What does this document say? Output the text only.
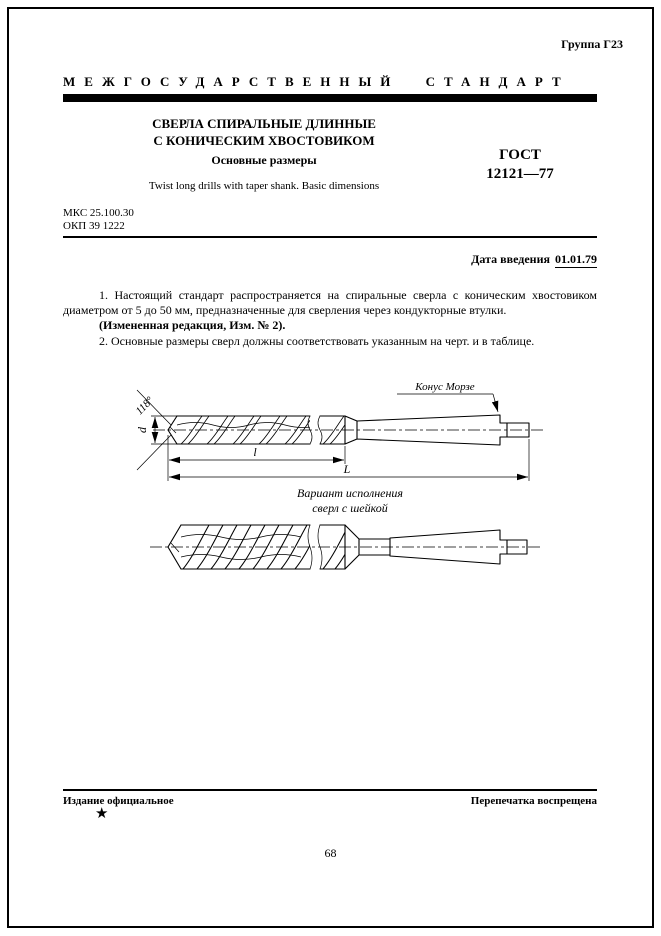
Группа Г23
МЕЖГОСУДАРСТВЕННЫЙ СТАНДАРТ
СВЕРЛА СПИРАЛЬНЫЕ ДЛИННЫЕ
С КОНИЧЕСКИМ ХВОСТОВИКОМ
Основные размеры	ГОСТ
12121—77
Twist long drills with taper shank. Basic dimensions
МКС 25.100.30
ОКП 39 1222
Дата введения 01.01.79

1. Настоящий стандарт распространяется на спиральные сверла с коническим хвостовиком диаметром от 5 до 50 мм, предназначенные для сверления через кондукторные втулки.

(Измененная редакция, Изм. № 2).

2. Основные размеры сверл должны соответствовать указанным на черт. и в таблице.

118°
d
Конус Морзе
l
L
Вариант исполнения
сверл с шейкой
Издание официальное	Перепечатка воспрещена
★
68
